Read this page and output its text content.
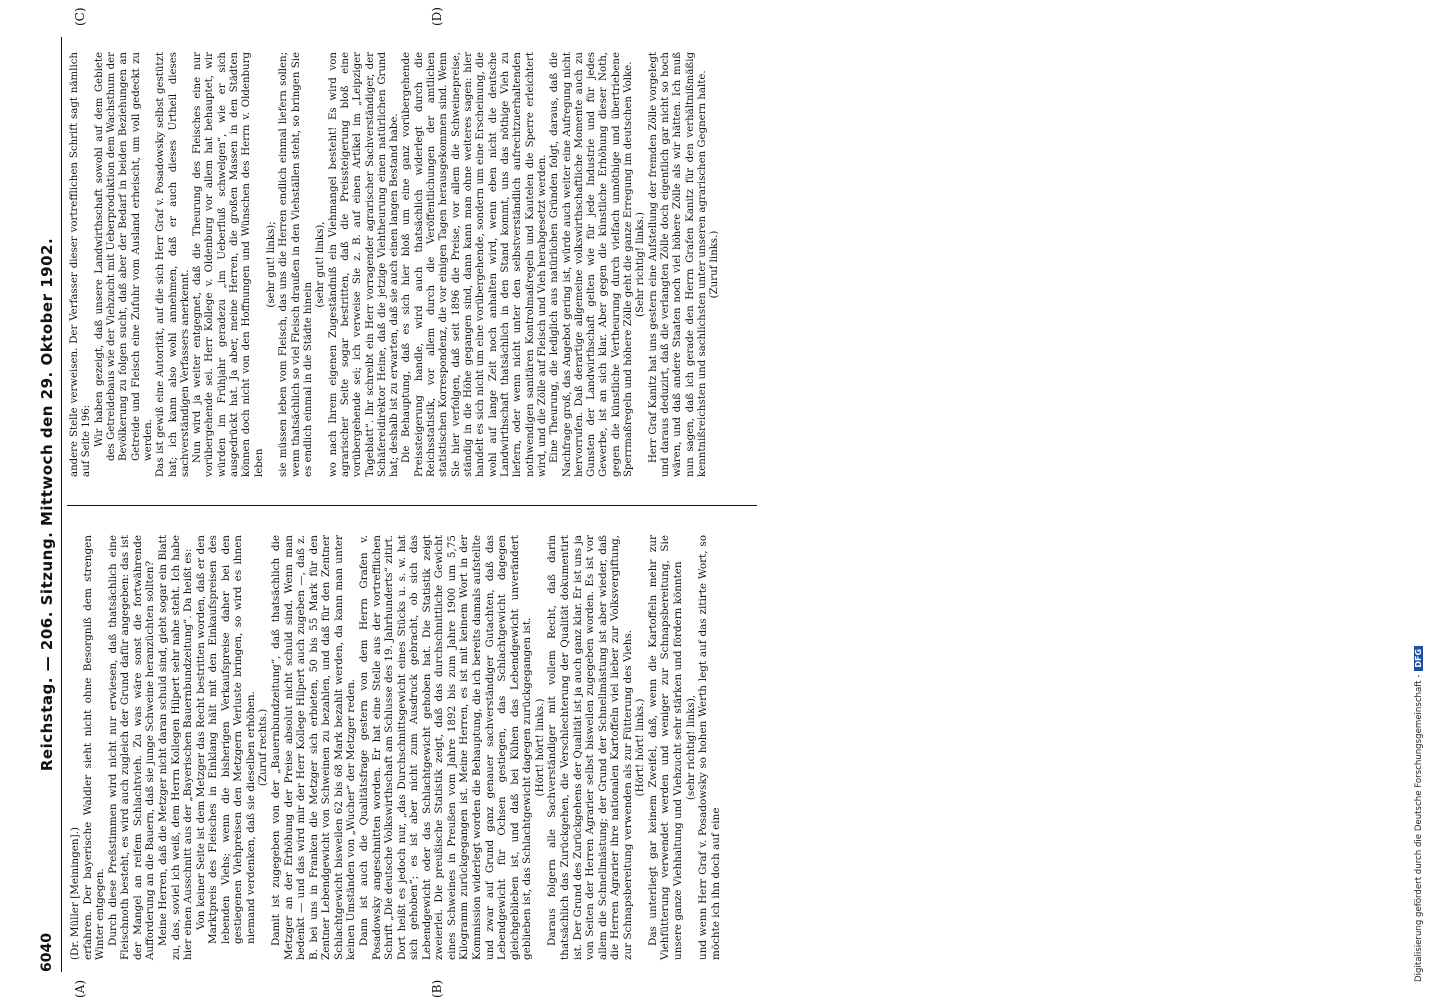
6040
Reichstag. — 206. Sitzung. Mittwoch den 29. Oktober 1902.
(A)	(B)
(C)	(D)

(Dr. Müller [Meiningen].) erfahren. Der bayerische Waldler sieht nicht ohne Besorgniß dem strengen Winter entgegen. Durch diese Preßstimmen wird nicht nur erwiesen, daß thatsächlich eine Fleischnoth besteht, es wird auch zugleich der Grund dafür angegeben: das ist der Mangel an reifem Schlachtvieh. Zu was wäre sonst die fortwährende Aufforderung an die Bauern, daß sie junge Schweine heranzüchten sollten? Meine Herren, daß die Metzger nicht daran schuld sind, giebt sogar ein Blatt zu, das, soviel ich weiß, dem Herrn Kollegen Hilpert sehr nahe steht. Ich habe hier einen Ausschnitt aus der „Bayerischen Bauernbundzeitung“. Da heißt es: Von keiner Seite ist dem Metzger das Recht bestritten worden, daß er den Marktpreis des Fleisches in Einklang hält mit den Einkaufspreisen des lebenden Viehs; wenn die bisherigen Verkaufspreise daher bei den gestiegenen Viehpreisen den Metzgern Verluste bringen, so wird es ihnen niemand verdenken, daß sie dieselben erhöhen. (Zuruf rechts.) Damit ist zugegeben von der „Bauernbundzeitung“, daß thatsächlich die Metzger an der Erhöhung der Preise absolut nicht schuld sind. Wenn man bedenkt — und das wird mir der Herr Kollege Hilpert auch zugeben —, daß z. B. bei uns in Franken die Metzger sich erbieten, 50 bis 55 Mark für den Zentner Lebendgewicht von Schweinen zu bezahlen, und daß für den Zentner Schlachtgewicht bisweilen 62 bis 68 Mark bezahlt werden, da kann man unter keinen Umständen von „Wucher“ der Metzger reden. Dann ist auch die Qualitätsfrage gestern von dem Herrn Grafen v. Posadowsky angeschnitten worden. Er hat eine Stelle aus der vortrefflichen Schrift „Die deutsche Volkswirthschaft am Schlusse des 19. Jahrhunderts“ zitirt. Dort heißt es jedoch nur, „das Durchschnittsgewicht eines Stücks u. s. w. hat sich gehoben“; es ist aber nicht zum Ausdruck gebracht, ob sich das Lebendgewicht oder das Schlachtgewicht gehoben hat. Die Statistik zeigt zweierlei. Die preußische Statistik zeigt, daß das durchschnittliche Gewicht eines Schweines in Preußen vom Jahre 1892 bis zum Jahre 1900 um 5,75 Kilogramm zurückgegangen ist. Meine Herren, es ist mit keinem Wort in der Kommission widerlegt worden die Behauptung, die ich bereits damals aufstellte und zwar auf Grund ganz genauer sachverständiger Gutachten, daß das Lebendgewicht für Ochsen gestiegen, das Schlachtgewicht dagegen gleichgeblieben ist, und daß bei Kühen das Lebendgewicht unverändert geblieben ist, das Schlachtgewicht dagegen zurückgegangen ist. (Hört! hört! links.) Daraus folgern alle Sachverständiger mit vollem Recht, daß darin thatsächlich das Zurückgehen, die Verschlechterung der Qualität dokumentirt ist. Der Grund des Zurückgehens der Qualität ist ja auch ganz klar. Er ist uns ja von Seiten der Herren Agrarier selbst bisweilen zugegeben worden. Es ist vor allem die Schnellmästung; der Grund der Schnellmästung ist aber wieder, daß die Herren Agrarier ihre nationalen Kartoffeln viel lieber zur Volksvergiftung, zur Schnapsbereitung verwenden als zur Fütterung des Viehs. (Hört! hört! links.) Das unterliegt gar keinem Zweifel, daß, wenn die Kartoffeln mehr zur Viehfütterung verwendet werden und weniger zur Schnapsbereitung, Sie unsere ganze Viehhaltung und Viehzucht sehr stärken und fördern könnten (sehr richtig! links), und wenn Herr Graf v. Posadowsky so hohen Werth legt auf das zitirte Wort, so möchte ich ihn doch auf eine

andere Stelle verweisen. Der Verfasser dieser vortrefflichen Schrift sagt nämlich auf Seite 196: Wir haben gezeigt, daß unsere Landwirthschaft sowohl auf dem Gebiete des Getreidebaus wie der Viehzucht mit Ueberproduktion dem Wachsthum der Bevölkerung zu folgen sucht, daß aber der Bedarf in beiden Beziehungen an Getreide und Fleisch eine Zufuhr vom Ausland erheischt, um voll gedeckt zu werden. Das ist gewiß eine Autorität, auf die sich Herr Graf v. Posadowsky selbst gestützt hat; ich kann also wohl annehmen, daß er auch dieses Urtheil dieses sachverständigen Verfassers anerkennt. Nun wird ja weiter entgegnet, daß die Theurung des Fleisches eine nur vorübergehende sei. Herr Kollege v. Oldenburg vor allem hat behauptet, wir würden im Frühjahr geradezu „im Ueberfluß schwelgen“, wie er sich ausgedrückt hat. Ja aber, meine Herren, die großen Massen in den Städten können doch nicht von den Hoffnungen und Wünschen des Herrn v. Oldenburg leben

(sehr gut! links); sie müssen leben vom Fleisch, das uns die Herren endlich einmal liefern sollen; wenn thatsächlich so viel Fleisch draußen in den Viehställen steht, so bringen Sie es endlich einmal in die Städte hinein

(sehr gut! links), wo nach Ihrem eigenen Zugeständniß ein Viehmangel besteht! Es wird von agrarischer Seite sogar bestritten, daß die Preissteigerung bloß eine vorübergehende sei; ich verweise Sie z. B. auf einen Artikel im „Leipziger Tageblatt“. Ihr schreibt ein Herr vorragender agrarischer Sachverständiger, der Schäfereidirektor Heine, daß die jetzige Viehtheurung einen natürlichen Grund hat; deshalb ist zu erwarten, daß sie auch einen langen Bestand habe. Die Behauptung, daß es sich hier bloß um eine ganz vorübergehende Preissteigerung handle, wird auch thatsächlich widerlegt durch die Reichsstatistik, vor allem durch die Veröffentlichungen der amtlichen statistischen Korrespondenz, die vor einigen Tagen herausgekommen sind. Wenn Sie hier verfolgen, daß seit 1896 die Preise, vor allem die Schweinepreise, ständig in die Höhe gegangen sind, dann kann man ohne weiteres sagen: hier handelt es sich nicht um eine vorübergehende, sondern um eine Erscheinung, die wohl auf lange Zeit noch anhalten wird, wenn eben nicht die deutsche Landwirthschaft thatsächlich in den Stand kommt, uns das nöthige Vieh zu liefern, oder wenn nicht unter den selbstverständlich aufrechtzuerhaltenden nothwendigen sanitären Kontrolmaßregeln und Kautelen die Sperre erleichtert wird, und die Zölle auf Fleisch und Vieh herabgesetzt werden. Eine Theurung, die lediglich aus natürlichen Gründen folgt, daraus, daß die Nachfrage groß, das Angebot gering ist, würde auch weiter eine Aufregung nicht hervorrufen. Daß derartige allgemeine volkswirthschaftliche Momente auch zu Gunsten der Landwirthschaft gelten wie für jede Industrie und für jedes Gewerbe, ist an sich klar. Aber gegen die künstliche Erhöhung dieser Noth, gegen die künstliche Vertheurung durch vielfach unnöthige und übertriebene Sperrmaßregeln und höhere Zölle geht die ganze Erregung im deutschen Volke. (Sehr richtig! links.) Herr Graf Kanitz hat uns gestern eine Aufstellung der fremden Zölle vorgelegt und daraus deduzirt, daß die verlangten Zölle doch eigentlich gar nicht so hoch wären, und daß andere Staaten noch viel höhere Zölle als wir hätten. Ich muß nun sagen, daß ich gerade den Herrn Grafen Kanitz für den verhältnißmäßig kenntnißreichsten und sachlichsten unter unseren agrarischen Gegnern halte. (Zuruf links.)

Digitalisierung gefördert durch die Deutsche Forschungsgemeinschaft -DFG
